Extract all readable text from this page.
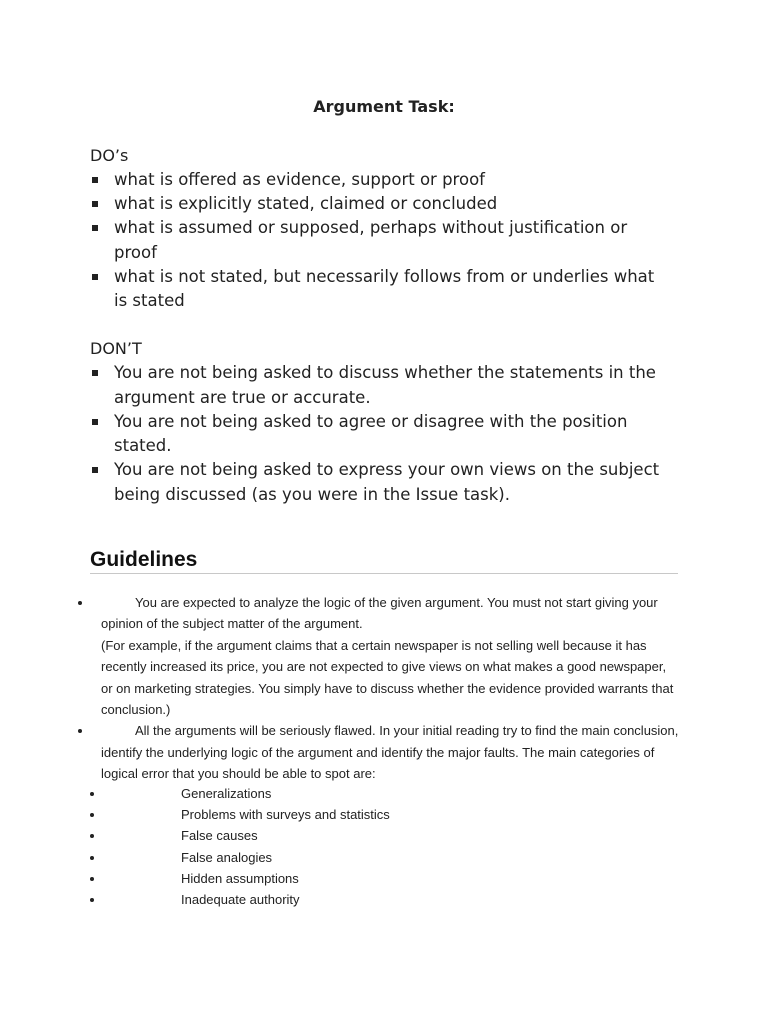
Argument Task:
DO’s
what is offered as evidence, support or proof
what is explicitly stated, claimed or concluded
what is assumed or supposed, perhaps without justification or proof
what is not stated, but necessarily follows from or underlies what is stated
DON’T
You are not being asked to discuss whether the statements in the argument are true or accurate.
You are not being asked to agree or disagree with the position stated.
You are not being asked to express your own views on the subject being discussed (as you were in the Issue task).
Guidelines
You are expected to analyze the logic of the given argument. You must not start giving your opinion of the subject matter of the argument.
(For example, if the argument claims that a certain newspaper is not selling well because it has recently increased its price, you are not expected to give views on what makes a good newspaper, or on marketing strategies. You simply have to discuss whether the evidence provided warrants that conclusion.)
All the arguments will be seriously flawed. In your initial reading try to find the main conclusion, identify the underlying logic of the argument and identify the major faults. The main categories of logical error that you should be able to spot are:
Generalizations
Problems with surveys and statistics
False causes
False analogies
Hidden assumptions
Inadequate authority
